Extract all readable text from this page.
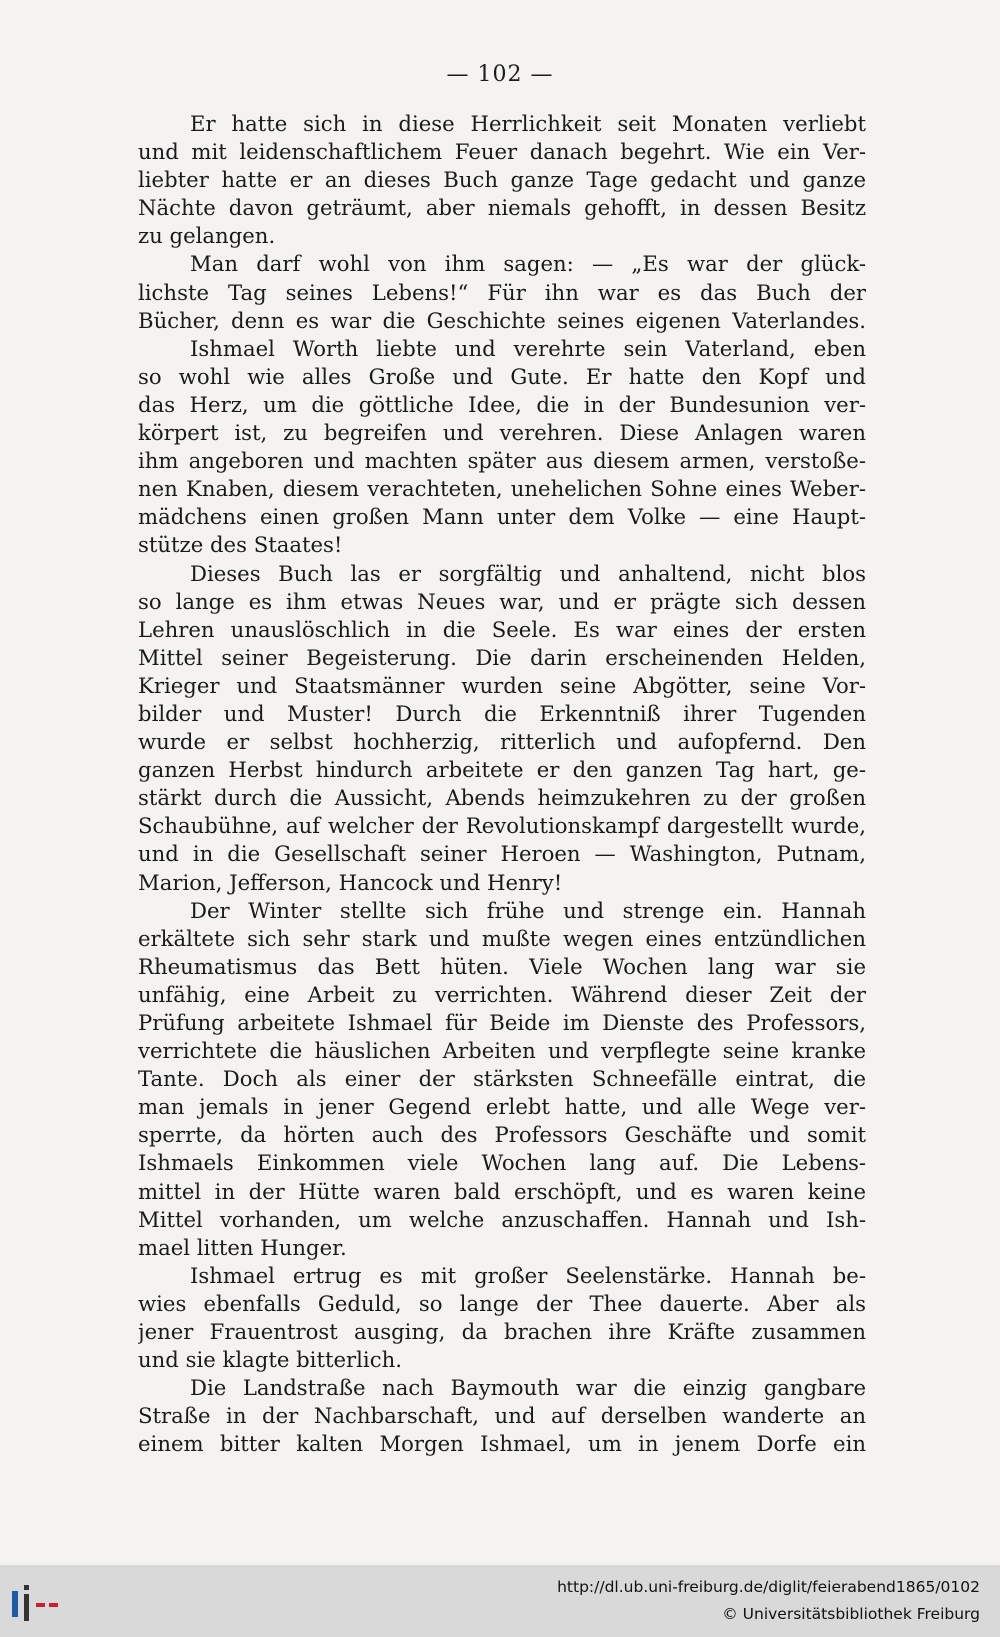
— 102 —
Er hatte sich in diese Herrlichkeit seit Monaten verliebt
und mit leidenschaftlichem Feuer danach begehrt. Wie ein Ver-
liebter hatte er an dieses Buch ganze Tage gedacht und ganze
Nächte davon geträumt, aber niemals gehofft, in dessen Besitz
zu gelangen.
Man darf wohl von ihm sagen: — „Es war der glück-
lichste Tag seines Lebens!“ Für ihn war es das Buch der
Bücher, denn es war die Geschichte seines eigenen Vaterlandes.
Ishmael Worth liebte und verehrte sein Vaterland, eben
so wohl wie alles Große und Gute. Er hatte den Kopf und
das Herz, um die göttliche Idee, die in der Bundesunion ver-
körpert ist, zu begreifen und verehren. Diese Anlagen waren
ihm angeboren und machten später aus diesem armen, verstoße-
nen Knaben, diesem verachteten, unehelichen Sohne eines Weber-
mädchens einen großen Mann unter dem Volke — eine Haupt-
stütze des Staates!
Dieses Buch las er sorgfältig und anhaltend, nicht blos
so lange es ihm etwas Neues war, und er prägte sich dessen
Lehren unauslöschlich in die Seele. Es war eines der ersten
Mittel seiner Begeisterung. Die darin erscheinenden Helden,
Krieger und Staatsmänner wurden seine Abgötter, seine Vor-
bilder und Muster! Durch die Erkenntniß ihrer Tugenden
wurde er selbst hochherzig, ritterlich und aufopfernd. Den
ganzen Herbst hindurch arbeitete er den ganzen Tag hart, ge-
stärkt durch die Aussicht, Abends heimzukehren zu der großen
Schaubühne, auf welcher der Revolutionskampf dargestellt wurde,
und in die Gesellschaft seiner Heroen — Washington, Putnam,
Marion, Jefferson, Hancock und Henry!
Der Winter stellte sich frühe und strenge ein. Hannah
erkältete sich sehr stark und mußte wegen eines entzündlichen
Rheumatismus das Bett hüten. Viele Wochen lang war sie
unfähig, eine Arbeit zu verrichten. Während dieser Zeit der
Prüfung arbeitete Ishmael für Beide im Dienste des Professors,
verrichtete die häuslichen Arbeiten und verpflegte seine kranke
Tante. Doch als einer der stärksten Schneefälle eintrat, die
man jemals in jener Gegend erlebt hatte, und alle Wege ver-
sperrte, da hörten auch des Professors Geschäfte und somit
Ishmaels Einkommen viele Wochen lang auf. Die Lebens-
mittel in der Hütte waren bald erschöpft, und es waren keine
Mittel vorhanden, um welche anzuschaffen. Hannah und Ish-
mael litten Hunger.
Ishmael ertrug es mit großer Seelenstärke. Hannah be-
wies ebenfalls Geduld, so lange der Thee dauerte. Aber als
jener Frauentrost ausging, da brachen ihre Kräfte zusammen
und sie klagte bitterlich.
Die Landstraße nach Baymouth war die einzig gangbare
Straße in der Nachbarschaft, und auf derselben wanderte an
einem bitter kalten Morgen Ishmael, um in jenem Dorfe ein
http://dl.ub.uni-freiburg.de/diglit/feierabend1865/0102
© Universitätsbibliothek Freiburg
